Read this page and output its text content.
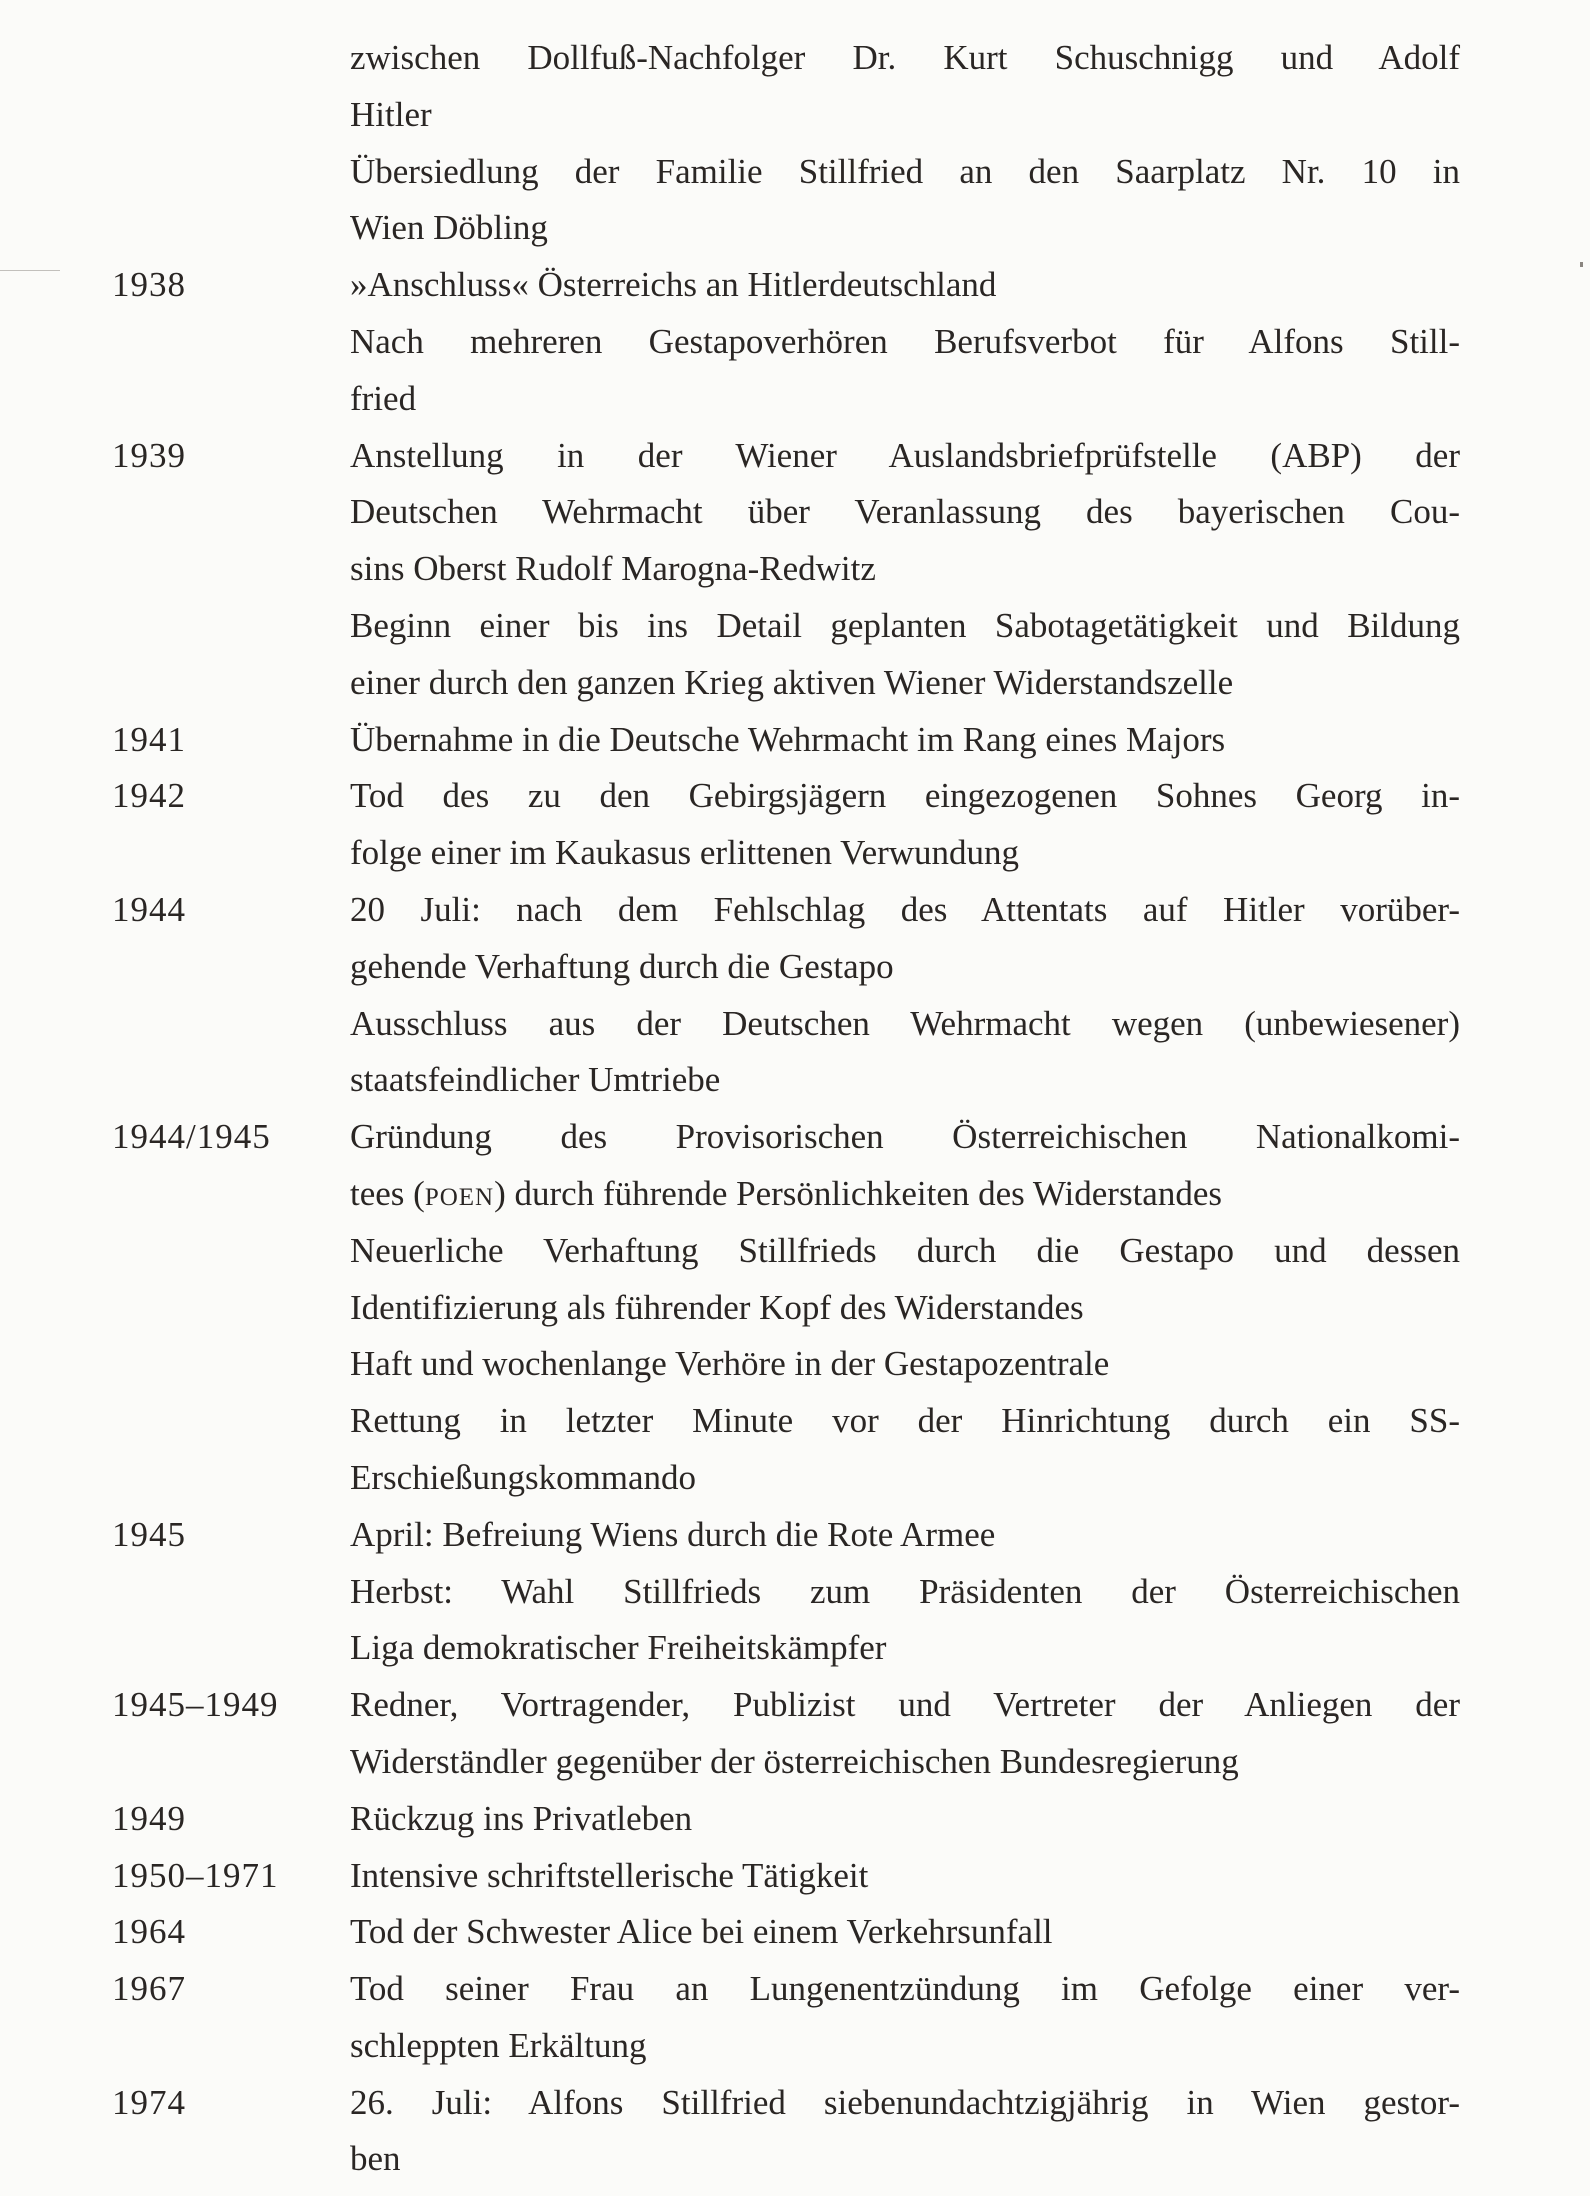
zwischen Dollfuß-Nachfolger Dr. Kurt Schuschnigg und Adolf
Hitler
Übersiedlung der Familie Stillfried an den Saarplatz Nr. 10 in
Wien Döbling
1938	»Anschluss« Österreichs an Hitlerdeutschland
Nach mehreren Gestapoverhören Berufsverbot für Alfons Still-
fried
1939	Anstellung in der Wiener Auslandsbriefprüfstelle (ABP) der
Deutschen Wehrmacht über Veranlassung des bayerischen Cou-
sins Oberst Rudolf Marogna-Redwitz
Beginn einer bis ins Detail geplanten Sabotagetätigkeit und Bildung
einer durch den ganzen Krieg aktiven Wiener Widerstandszelle
1941	Übernahme in die Deutsche Wehrmacht im Rang eines Majors
1942	Tod des zu den Gebirgsjägern eingezogenen Sohnes Georg in-
folge einer im Kaukasus erlittenen Verwundung
1944	20 Juli: nach dem Fehlschlag des Attentats auf Hitler vorüber-
gehende Verhaftung durch die Gestapo
Ausschluss aus der Deutschen Wehrmacht wegen (unbewiesener)
staatsfeindlicher Umtriebe
1944/1945	Gründung des Provisorischen Österreichischen Nationalkomi-
tees (poen) durch führende Persönlichkeiten des Widerstandes
Neuerliche Verhaftung Stillfrieds durch die Gestapo und dessen
Identifizierung als führender Kopf des Widerstandes
Haft und wochenlange Verhöre in der Gestapozentrale
Rettung in letzter Minute vor der Hinrichtung durch ein SS-
Erschießungskommando
1945	April: Befreiung Wiens durch die Rote Armee
Herbst: Wahl Stillfrieds zum Präsidenten der Österreichischen
Liga demokratischer Freiheitskämpfer
1945–1949	Redner, Vortragender, Publizist und Vertreter der Anliegen der
Widerständler gegenüber der österreichischen Bundesregierung
1949	Rückzug ins Privatleben
1950–1971	Intensive schriftstellerische Tätigkeit
1964	Tod der Schwester Alice bei einem Verkehrsunfall
1967	Tod seiner Frau an Lungenentzündung im Gefolge einer ver-
schleppten Erkältung
1974	26. Juli: Alfons Stillfried siebenundachtzigjährig in Wien gestor-
ben
